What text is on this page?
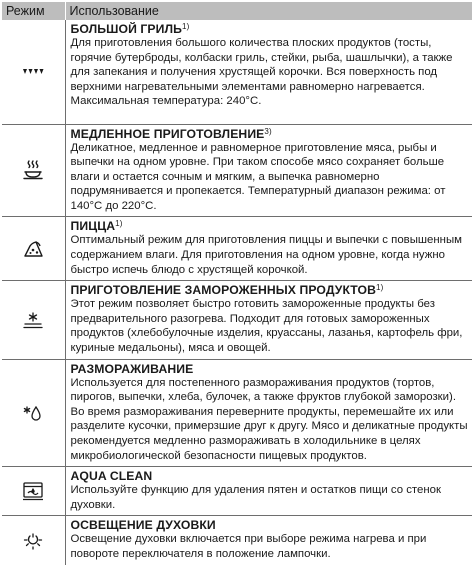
Режим	Использование

БОЛЬШОЙ ГРИЛЬ$^{1)}$
Для приготовления большого количества плоских продуктов (тосты, горячие бутерброды, колбаски гриль, стейки, рыба, шашлычки), а также для запекания и получения хрустящей корочки. Вся поверхность под верхними нагревательными элементами равномерно нагревается.
Максимальная температура: 240°C.

МЕДЛЕННОЕ ПРИГОТОВЛЕНИЕ$^{3)}$
Деликатное, медленное и равномерное приготовление мяса, рыбы и выпечки на одном уровне. При таком способе мясо сохраняет больше влаги и остается сочным и мягким, а выпечка равномерно подрумянивается и пропекается. Температурный диапазон режима: от 140°C до 220°C.

ПИЦЦА$^{1)}$
Оптимальный режим для приготовления пиццы и выпечки с повышенным содержанием влаги. Для приготовления на одном уровне, когда нужно быстро испечь блюдо с хрустящей корочкой.

ПРИГОТОВЛЕНИЕ ЗАМОРОЖЕННЫХ ПРОДУКТОВ$^{1)}$
Этот режим позволяет быстро готовить замороженные продукты без предварительного разогрева. Подходит для готовых замороженных продуктов (хлебобулочные изделия, круассаны, лазанья, картофель фри, куриные медальоны), мяса и овощей.

РАЗМОРАЖИВАНИЕ
Используется для постепенного размораживания продуктов (тортов, пирогов, выпечки, хлеба, булочек, а также фруктов глубокой заморозки). Во время размораживания переверните продукты, перемешайте их или разделите кусочки, примерзшие друг к другу. Мясо и деликатные продукты рекомендуется медленно размораживать в холодильнике в целях микробиологической безопасности пищевых продуктов.

AQUA CLEAN
Используйте функцию для удаления пятен и остатков пищи со стенок духовки.

ОСВЕЩЕНИЕ ДУХОВКИ
Освещение духовки включается при выборе режима нагрева и при повороте переключателя в положение лампочки.
